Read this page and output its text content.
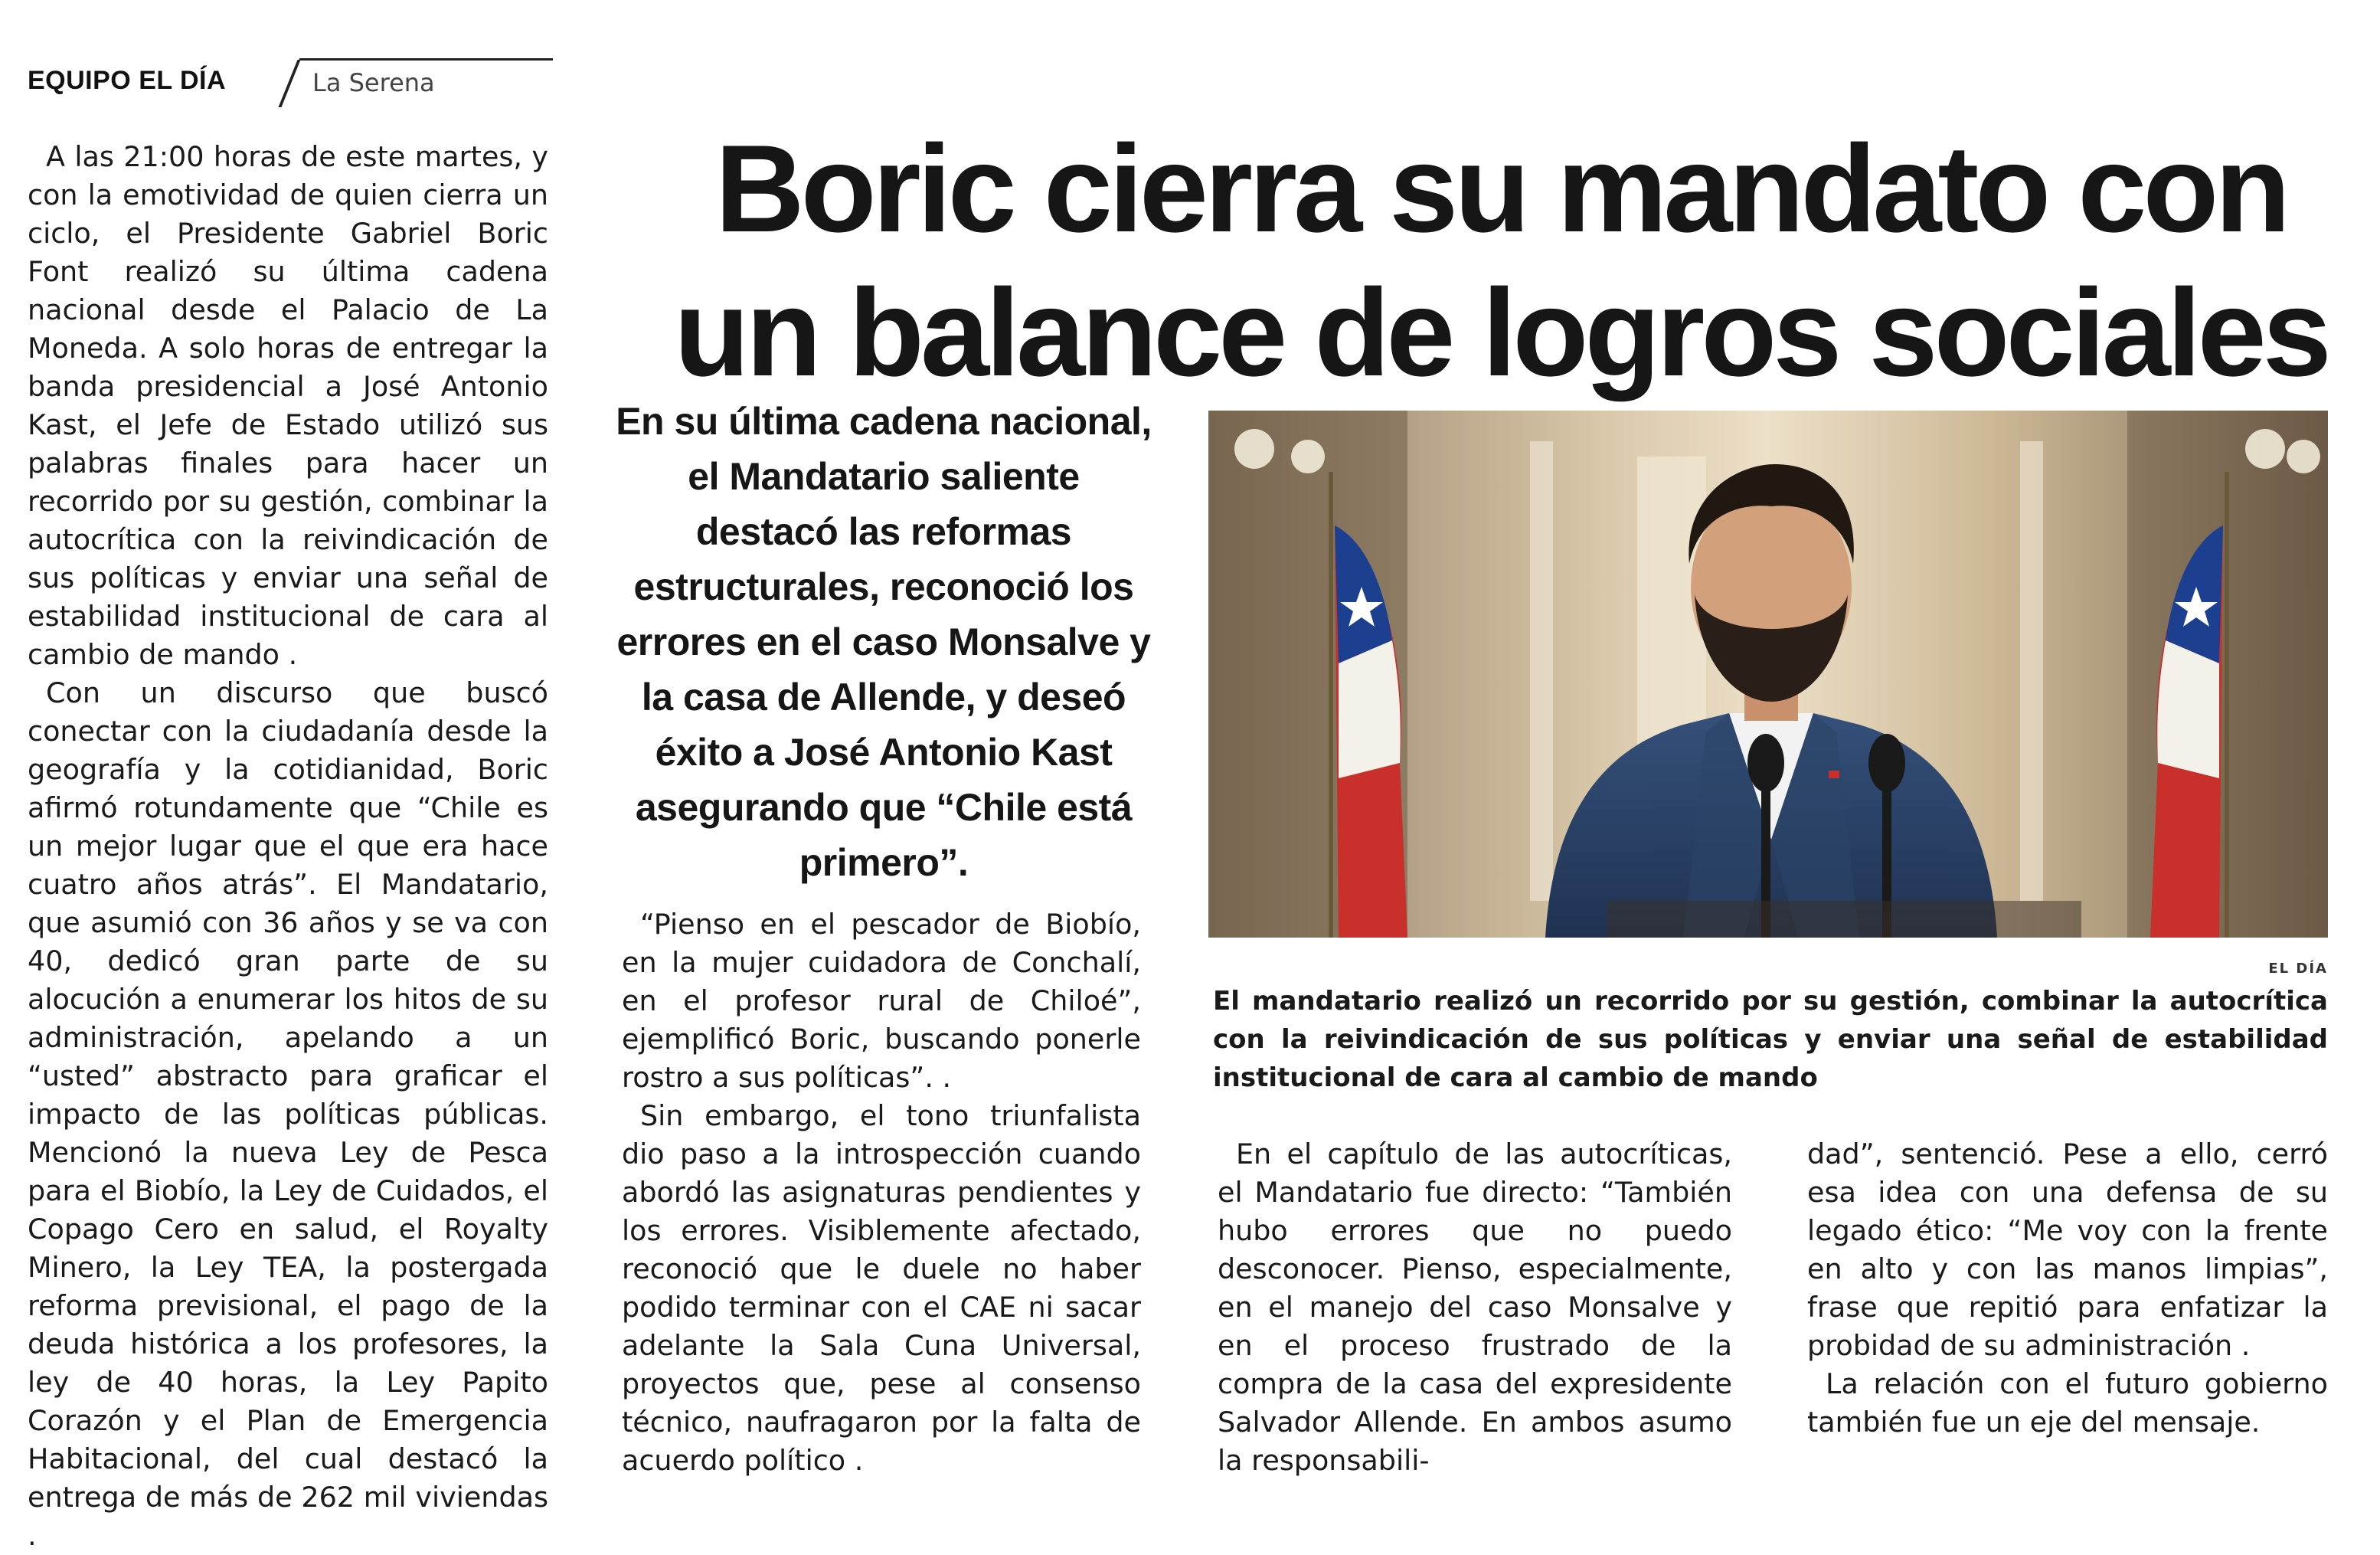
EQUIPO EL DÍA	La Serena

A las 21:00 horas de este martes, y con la emotividad de quien cierra un ciclo, el Presidente Gabriel Boric Font realizó su última cadena nacional desde el Palacio de La Moneda. A solo horas de entregar la banda presidencial a José Antonio Kast, el Jefe de Estado utilizó sus palabras finales para hacer un recorrido por su gestión, combinar la autocrítica con la reivindicación de sus políticas y enviar una señal de estabilidad institucional de cara al cambio de mando .

Con un discurso que buscó conectar con la ciudadanía desde la geografía y la cotidianidad, Boric afirmó rotundamente que “Chile es un mejor lugar que el que era hace cuatro años atrás”. El Mandatario, que asumió con 36 años y se va con 40, dedicó gran parte de su alocución a enumerar los hitos de su administración, apelando a un “usted” abstracto para graficar el impacto de las políticas públicas. Mencionó la nueva Ley de Pesca para el Biobío, la Ley de Cuidados, el Copago Cero en salud, el Royalty Minero, la Ley TEA, la postergada reforma previsional, el pago de la deuda histórica a los profesores, la ley de 40 horas, la Ley Papito Corazón y el Plan de Emergencia Habitacional, del cual destacó la entrega de más de 262 mil viviendas .

Boric cierra su mandato con un balance de logros sociales
En su última cadena nacional, el Mandatario saliente destacó las reformas estructurales, reconoció los errores en el caso Monsalve y la casa de Allende, y deseó éxito a José Antonio Kast asegurando que “Chile está primero”.
EL DÍA
El mandatario realizó un recorrido por su gestión, combinar la autocrítica con la reivindicación de sus políticas y enviar una señal de estabilidad institucional de cara al cambio de mando

“Pienso en el pescador de Biobío, en la mujer cuidadora de Conchalí, en el profesor rural de Chiloé”, ejemplificó Boric, buscando ponerle rostro a sus políticas”. .

Sin embargo, el tono triunfalista dio paso a la introspección cuando abordó las asignaturas pendientes y los errores. Visiblemente afectado, reconoció que le duele no haber podido terminar con el CAE ni sacar adelante la Sala Cuna Universal, proyectos que, pese al consenso técnico, naufragaron por la falta de acuerdo político .

En el capítulo de las autocríticas, el Mandatario fue directo: “También hubo errores que no puedo desconocer. Pienso, especialmente, en el manejo del caso Monsalve y en el proceso frustrado de la compra de la casa del expresidente Salvador Allende. En ambos asumo la responsabili-

dad”, sentenció. Pese a ello, cerró esa idea con una defensa de su legado ético: “Me voy con la frente en alto y con las manos limpias”, frase que repitió para enfatizar la probidad de su administración .

La relación con el futuro gobierno también fue un eje del mensaje.
